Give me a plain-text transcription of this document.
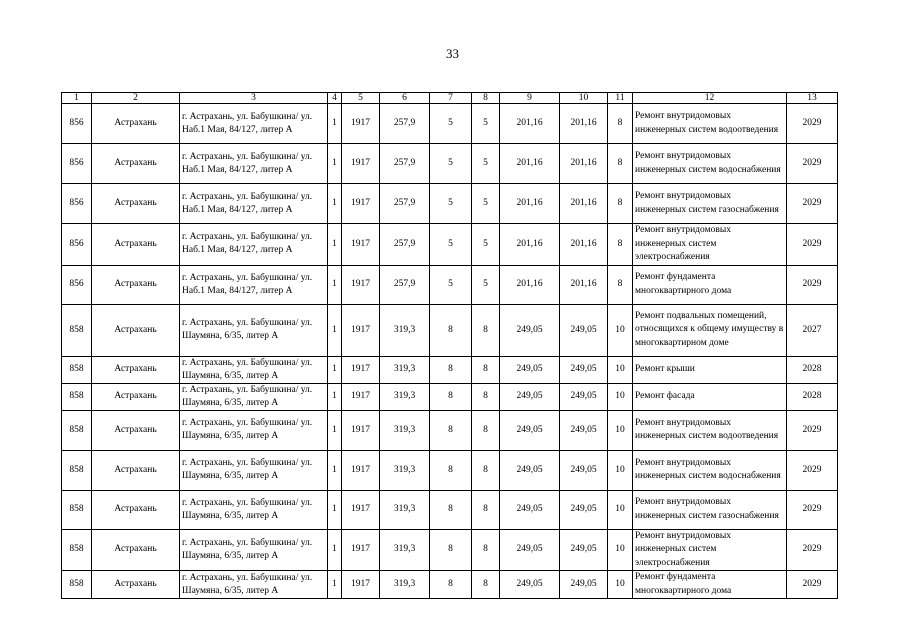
33
1	2	3	4	5	6	7	8	9	10	11	12	13
856	Астрахань	г. Астрахань, ул. Бабушкина/ ул. Наб.1 Мая, 84/127, литер А	1	1917	257,9	5	5	201,16	201,16	8	Ремонт внутридомовых инженерных систем водоотведения	2029
856	Астрахань	г. Астрахань, ул. Бабушкина/ ул. Наб.1 Мая, 84/127, литер А	1	1917	257,9	5	5	201,16	201,16	8	Ремонт внутридомовых инженерных систем водоснабжения	2029
856	Астрахань	г. Астрахань, ул. Бабушкина/ ул. Наб.1 Мая, 84/127, литер А	1	1917	257,9	5	5	201,16	201,16	8	Ремонт внутридомовых инженерных систем газоснабжения	2029
856	Астрахань	г. Астрахань, ул. Бабушкина/ ул. Наб.1 Мая, 84/127, литер А	1	1917	257,9	5	5	201,16	201,16	8	Ремонт внутридомовых инженерных систем электроснабжения	2029
856	Астрахань	г. Астрахань, ул. Бабушкина/ ул. Наб.1 Мая, 84/127, литер А	1	1917	257,9	5	5	201,16	201,16	8	Ремонт фундамента многоквартирного дома	2029
858	Астрахань	г. Астрахань, ул. Бабушкина/ ул. Шаумяна, 6/35, литер А	1	1917	319,3	8	8	249,05	249,05	10	Ремонт подвальных помещений, относящихся к общему имуществу в многоквартирном доме	2027
858	Астрахань	г. Астрахань, ул. Бабушкина/ ул. Шаумяна, 6/35, литер А	1	1917	319,3	8	8	249,05	249,05	10	Ремонт крыши	2028
858	Астрахань	г. Астрахань, ул. Бабушкина/ ул. Шаумяна, 6/35, литер А	1	1917	319,3	8	8	249,05	249,05	10	Ремонт фасада	2028
858	Астрахань	г. Астрахань, ул. Бабушкина/ ул. Шаумяна, 6/35, литер А	1	1917	319,3	8	8	249,05	249,05	10	Ремонт внутридомовых инженерных систем водоотведения	2029
858	Астрахань	г. Астрахань, ул. Бабушкина/ ул. Шаумяна, 6/35, литер А	1	1917	319,3	8	8	249,05	249,05	10	Ремонт внутридомовых инженерных систем водоснабжения	2029
858	Астрахань	г. Астрахань, ул. Бабушкина/ ул. Шаумяна, 6/35, литер А	1	1917	319,3	8	8	249,05	249,05	10	Ремонт внутридомовых инженерных систем газоснабжения	2029
858	Астрахань	г. Астрахань, ул. Бабушкина/ ул. Шаумяна, 6/35, литер А	1	1917	319,3	8	8	249,05	249,05	10	Ремонт внутридомовых инженерных систем электроснабжения	2029
858	Астрахань	г. Астрахань, ул. Бабушкина/ ул. Шаумяна, 6/35, литер А	1	1917	319,3	8	8	249,05	249,05	10	Ремонт фундамента многоквартирного дома	2029
